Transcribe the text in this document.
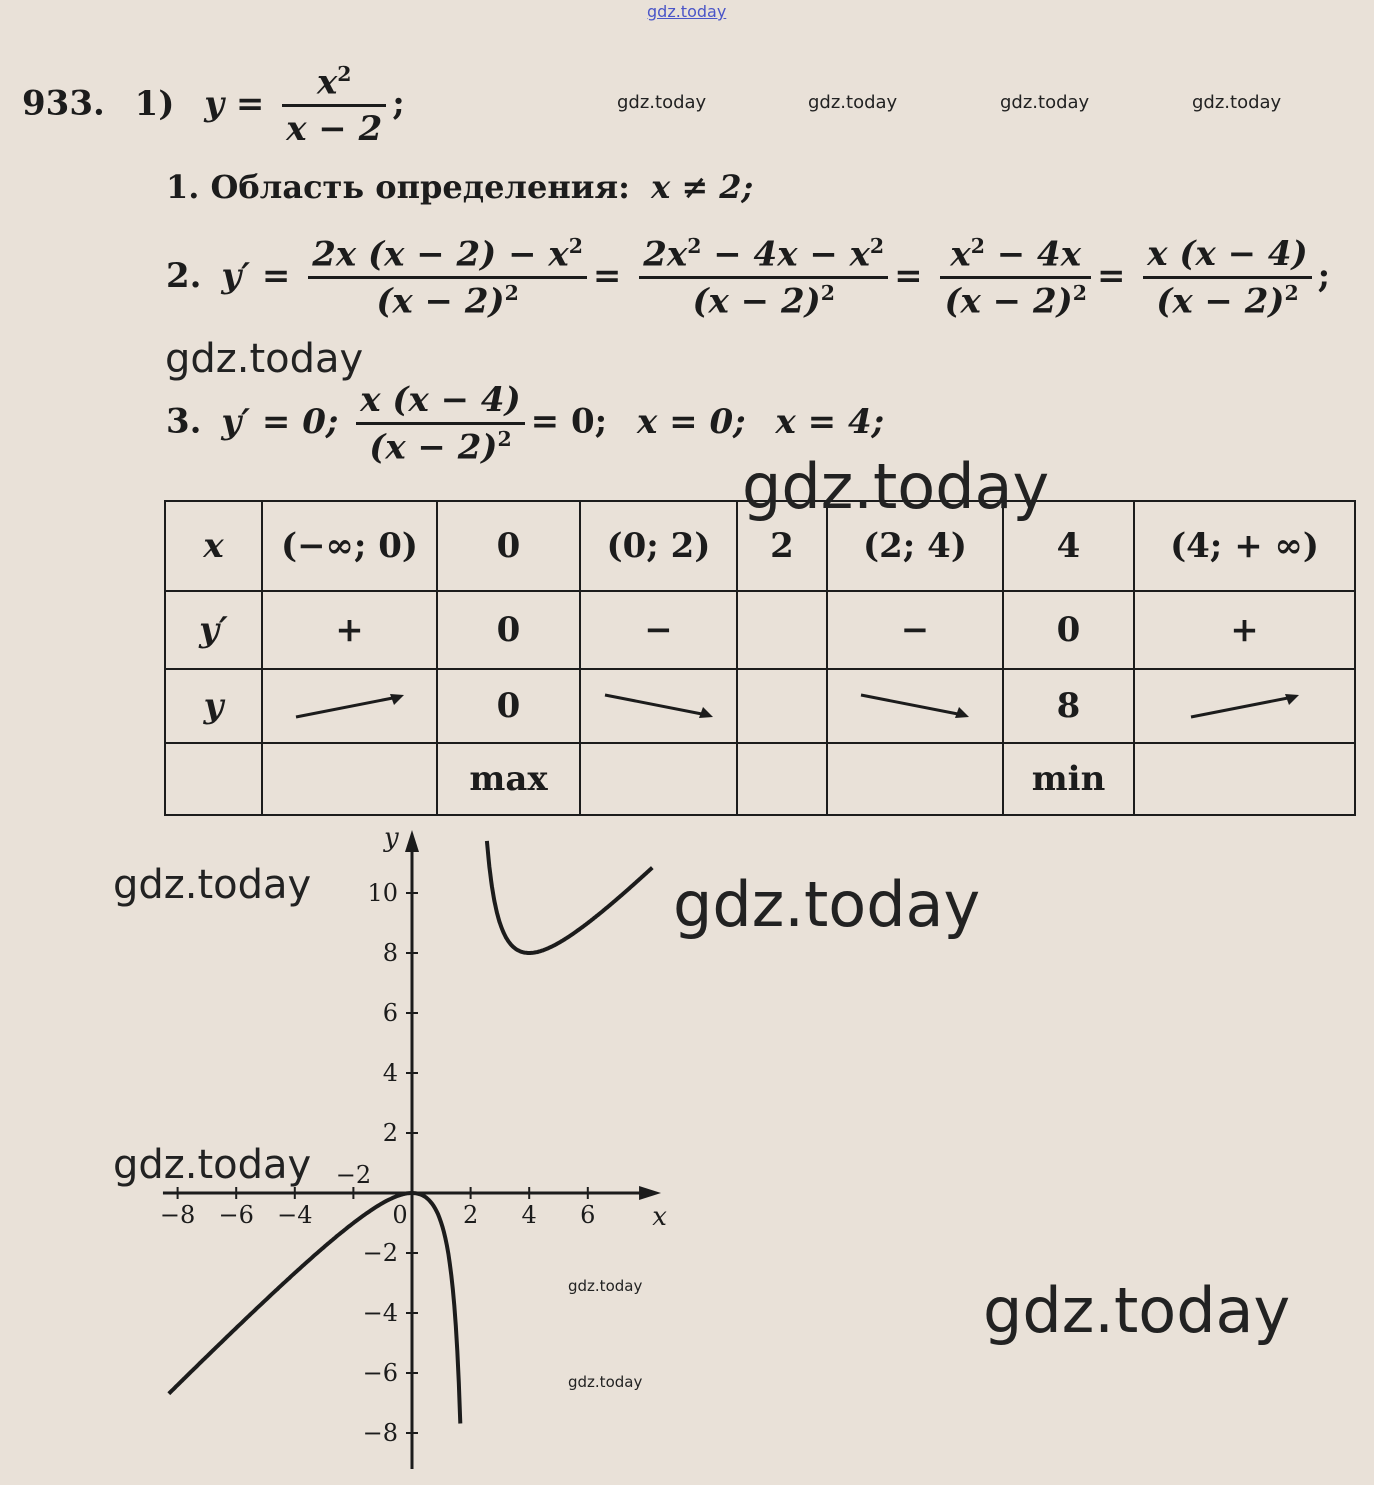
gdz.today
gdz.today	gdz.today	gdz.today	gdz.today
gdz.today
gdz.today
gdz.today
933. 1) $y = \frac{x^2}{x - 2}$ ;
1. Область определения: x ≠ 2;
2. $y' = \frac{2x (x - 2) - x^2}{(x - 2)^2} = \frac{2x^2 - 4x - x^2}{(x - 2)^2} = \frac{x^2 - 4x}{(x - 2)^2} = \frac{x (x - 4)}{(x - 2)^2}$ ;
3. y′ = 0; $\frac{x (x - 4)}{(x - 2)^2} = 0$; x = 0; x = 4;
x	(−∞; 0)	0	(0; 2)	2	(2; 4)	4	(4; + ∞)
y′	+	0	−		−	0	+
y		0				8	

		max				min	
−8 −6 −4
−2
0 2 4 6
10
8
6
4
2
−2
−4
−6
−8
x
y
gdz.today
gdz.today
gdz.today
gdz.today
gdz.today
